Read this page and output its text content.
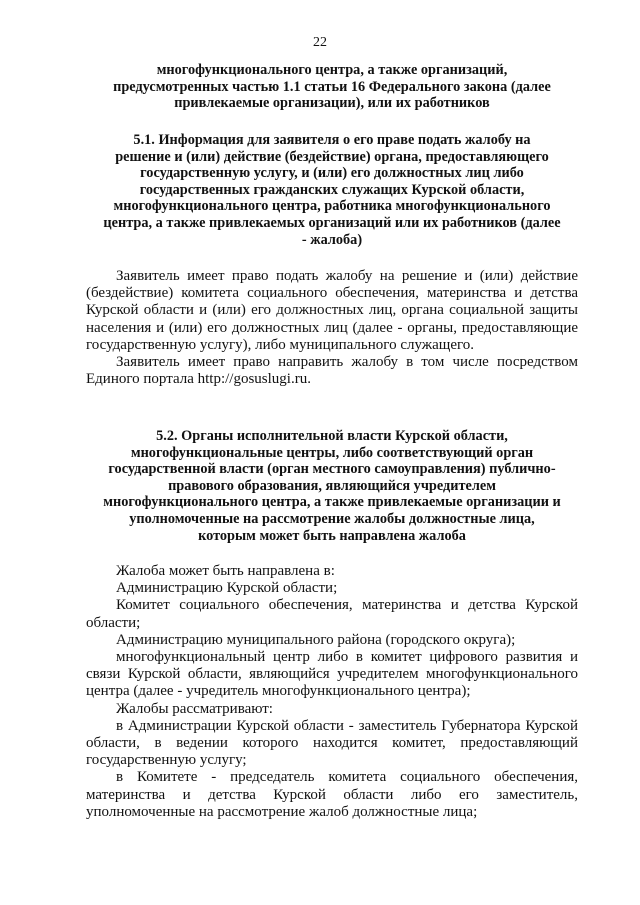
22

многофункционального центра, а также организаций,

предусмотренных частью 1.1 статьи 16 Федерального закона (далее

привлекаемые организации), или их работников

5.1. Информация для заявителя о его праве подать жалобу на

решение и (или) действие (бездействие) органа, предоставляющего

государственную услугу, и (или) его должностных лиц либо

государственных гражданских служащих Курской области,

многофункционального центра, работника многофункционального

центра, а также привлекаемых организаций или их работников (далее

- жалоба)

Заявитель имеет право подать жалобу на решение и (или) действие (бездействие) комитета социального обеспечения, материнства и детства Курской области и (или) его должностных лиц, органа социальной защиты населения и (или) его должностных лиц (далее - органы, предоставляющие государственную услугу), либо муниципального служащего.

Заявитель имеет право направить жалобу в том числе посредством Единого портала http://gosuslugi.ru.

5.2. Органы исполнительной власти Курской области,

многофункциональные центры, либо соответствующий орган

государственной власти (орган местного самоуправления) публично-

правового образования, являющийся учредителем

многофункционального центра, а также привлекаемые организации и

уполномоченные на рассмотрение жалобы должностные лица,

которым может быть направлена жалоба

Жалоба может быть направлена в:

Администрацию Курской области;

Комитет социального обеспечения, материнства и детства Курской области;

Администрацию муниципального района (городского округа);

многофункциональный центр либо в комитет цифрового развития и связи Курской области, являющийся учредителем многофункционального центра (далее - учредитель многофункционального центра);

Жалобы рассматривают:

в Администрации Курской области - заместитель Губернатора Курской области, в ведении которого находится комитет, предоставляющий государственную услугу;

в Комитете - председатель комитета социального обеспечения, материнства и детства Курской области либо его заместитель, уполномоченные на рассмотрение жалоб должностные лица;
